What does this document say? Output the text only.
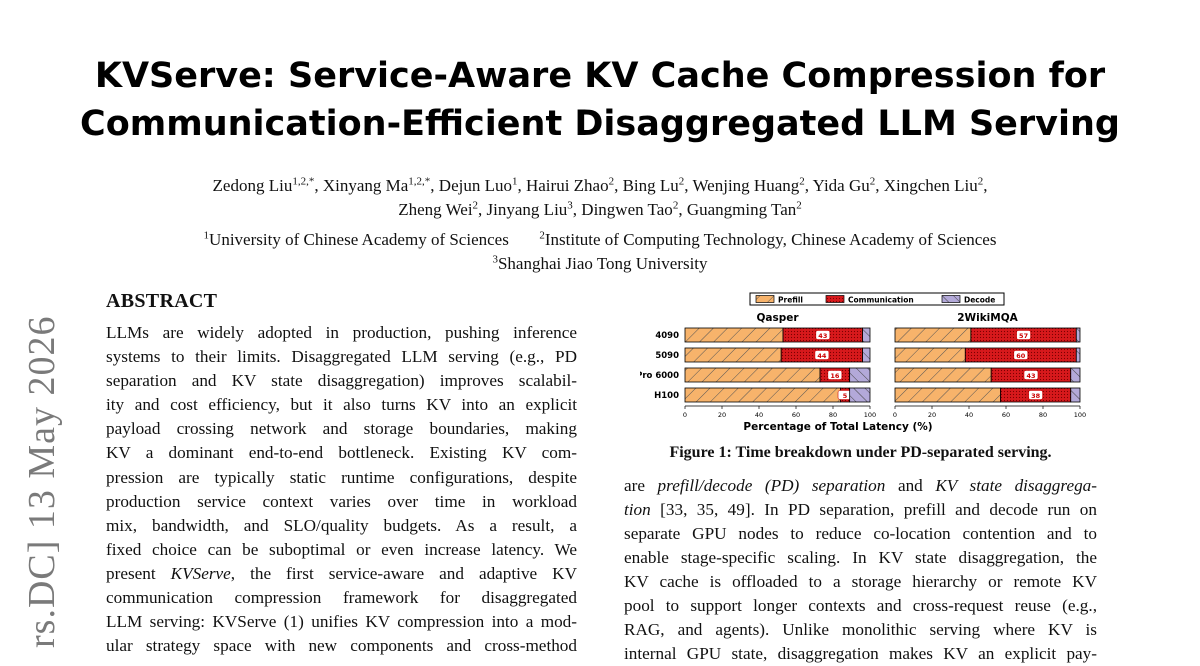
rs.DC] 13 May 2026
KVServe: Service-Aware KV Cache Compression for
Communication-Efficient Disaggregated LLM Serving
Zedong Liu$^{1,2,*}$, Xinyang $Ma^{1,2,*}$, Dejun Luo$^1$, Hairui Zhao$^2$, Bing Lu$^2$, Wenjing Huang$^2$, Yida Gu$^2$, Xingchen Liu$^2$,
Zheng Wei$^2$, Jinyang Liu$^3$, Dingwen Tao$^2$, Guangming Tan$^2$
$^1$University of Chinese Academy of Sciences	$^2$Institute of Computing Technology, Chinese Academy of Sciences
$^3$Shanghai Jiao Tong University
ABSTRACT
LLMs are widely adopted in production, pushing inference
systems to their limits. Disaggregated LLM serving (e.g., PD
separation and KV state disaggregation) improves scalabil-
ity and cost efficiency, but it also turns KV into an explicit
payload crossing network and storage boundaries, making
KV a dominant end-to-end bottleneck. Existing KV com-
pression are typically static runtime configurations, despite
production service context varies over time in workload
mix, bandwidth, and SLO/quality budgets. As a result, a
fixed choice can be suboptimal or even increase latency. We
present KVServe, the first service-aware and adaptive KV
communication compression framework for disaggregated
LLM serving: KVServe (1) unifies KV compression into a mod-
ular strategy space with new components and cross-method
Prefill	Communication	Decode
Qasper
4090	43
5090	44
Pro 6000	16
H100	5
0	20	40	60	80	100
2WikiMQA
57
60
43
38
0	20	40	60	80	100
Percentage of Total Latency (%)
Figure 1: Time breakdown under PD-separated serving.
are prefill/decode (PD) separation and KV state disaggrega-
tion [33, 35, 49]. In PD separation, prefill and decode run on
separate GPU nodes to reduce co-location contention and to
enable stage-specific scaling. In KV state disaggregation, the
KV cache is offloaded to a storage hierarchy or remote KV
pool to support longer contexts and cross-request reuse (e.g.,
RAG, and agents). Unlike monolithic serving where KV is
internal GPU state, disaggregation makes KV an explicit pay-
